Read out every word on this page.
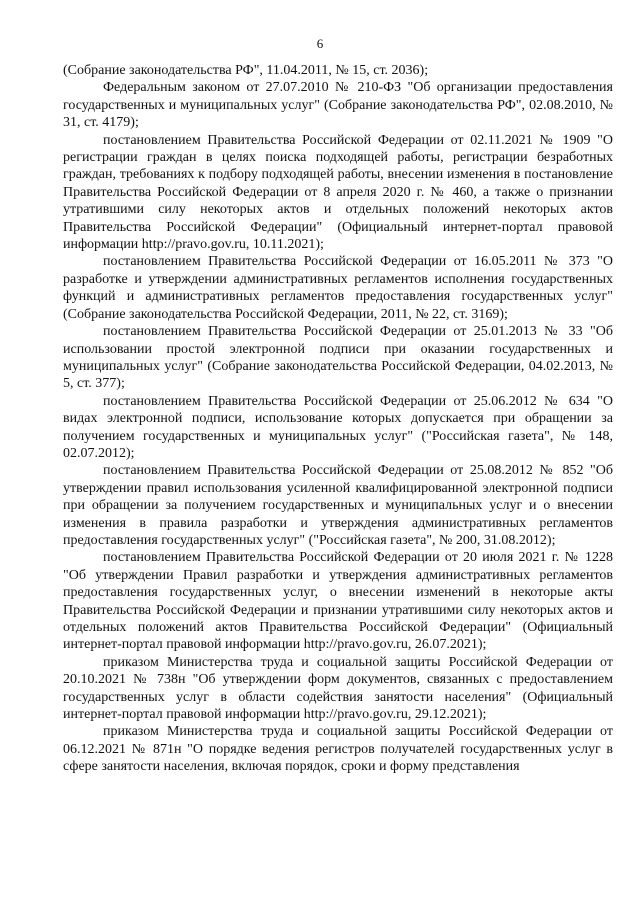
6

(Собрание законодательства РФ", 11.04.2011, № 15, ст. 2036);

Федеральным законом от 27.07.2010 № 210-ФЗ "Об организации предоставления государственных и муниципальных услуг" (Собрание законодательства РФ", 02.08.2010, № 31, ст. 4179);

постановлением Правительства Российской Федерации от 02.11.2021 № 1909 "О регистрации граждан в целях поиска подходящей работы, регистрации безработных граждан, требованиях к подбору подходящей работы, внесении изменения в постановление Правительства Российской Федерации от 8 апреля 2020 г. № 460, а также о признании утратившими силу некоторых актов и отдельных положений некоторых актов Правительства Российской Федерации" (Официальный интернет-портал правовой информации http://pravo.gov.ru, 10.11.2021);

постановлением Правительства Российской Федерации от 16.05.2011 № 373 "О разработке и утверждении административных регламентов исполнения государственных функций и административных регламентов предоставления государственных услуг" (Собрание законодательства Российской Федерации, 2011, № 22, ст. 3169);

постановлением Правительства Российской Федерации от 25.01.2013 № 33 "Об использовании простой электронной подписи при оказании государственных и муниципальных услуг" (Собрание законодательства Российской Федерации, 04.02.2013, № 5, ст. 377);

постановлением Правительства Российской Федерации от 25.06.2012 № 634 "О видах электронной подписи, использование которых допускается при обращении за получением государственных и муниципальных услуг" ("Российская газета", № 148, 02.07.2012);

постановлением Правительства Российской Федерации от 25.08.2012 № 852 "Об утверждении правил использования усиленной квалифицированной электронной подписи при обращении за получением государственных и муниципальных услуг и о внесении изменения в правила разработки и утверждения административных регламентов предоставления государственных услуг" ("Российская газета", № 200, 31.08.2012);

постановлением Правительства Российской Федерации от 20 июля 2021 г. № 1228 "Об утверждении Правил разработки и утверждения административных регламентов предоставления государственных услуг, о внесении изменений в некоторые акты Правительства Российской Федерации и признании утратившими силу некоторых актов и отдельных положений актов Правительства Российской Федерации" (Официальный интернет-портал правовой информации http://pravo.gov.ru, 26.07.2021);

приказом Министерства труда и социальной защиты Российской Федерации от 20.10.2021 № 738н "Об утверждении форм документов, связанных с предоставлением государственных услуг в области содействия занятости населения" (Официальный интернет-портал правовой информации http://pravo.gov.ru, 29.12.2021);

приказом Министерства труда и социальной защиты Российской Федерации от 06.12.2021 № 871н "О порядке ведения регистров получателей государственных услуг в сфере занятости населения, включая порядок, сроки и форму представления
